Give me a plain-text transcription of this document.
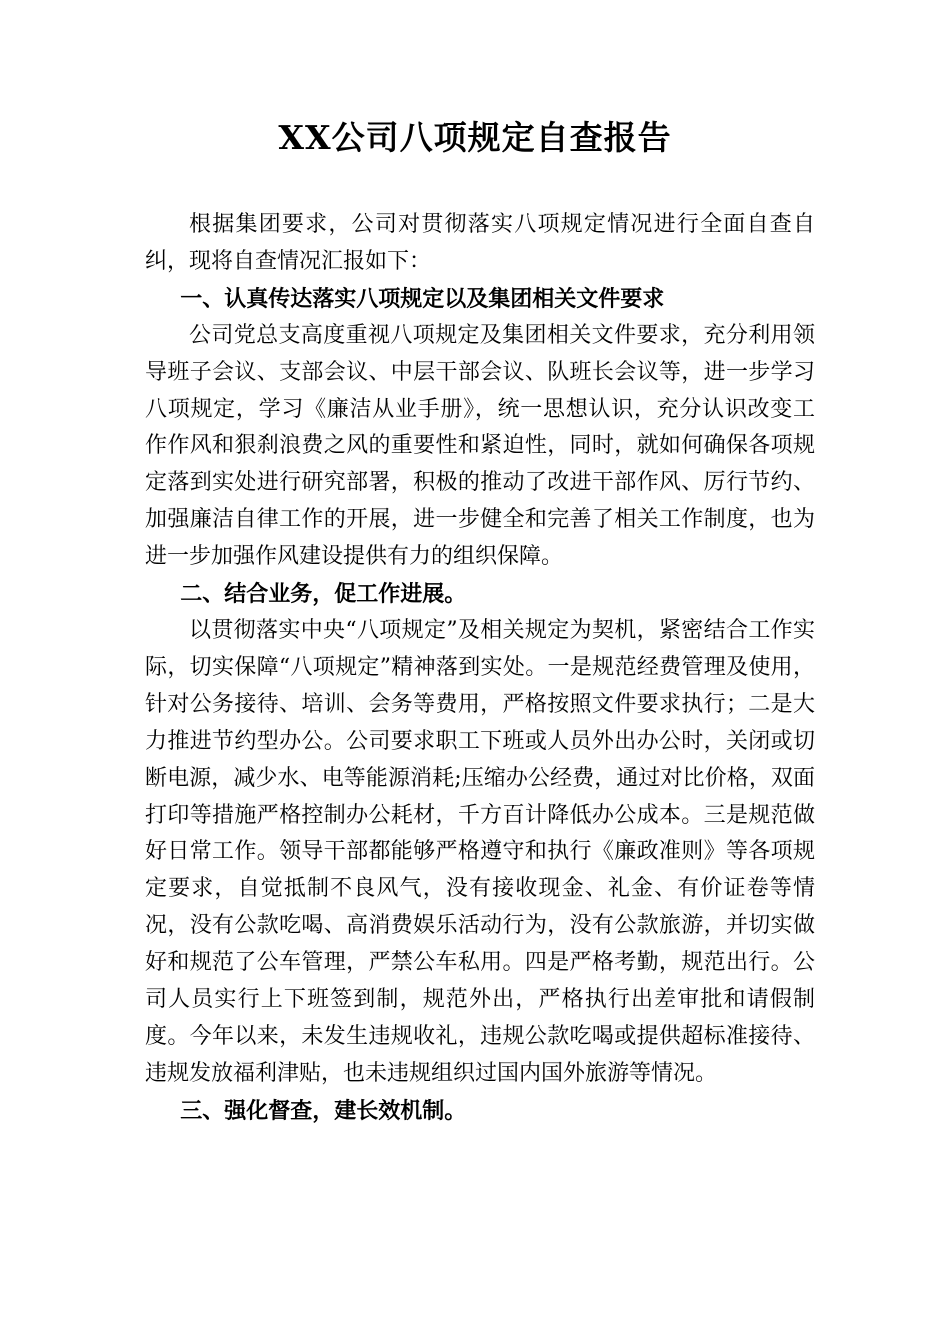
XX公司八项规定自查报告

根据集团要求，公司对贯彻落实八项规定情况进行全面自查自纠，现将自查情况汇报如下：

一、认真传达落实八项规定以及集团相关文件要求

公司党总支高度重视八项规定及集团相关文件要求，充分利用领导班子会议、支部会议、中层干部会议、队班长会议等，进一步学习八项规定，学习《廉洁从业手册》，统一思想认识，充分认识改变工作作风和狠刹浪费之风的重要性和紧迫性，同时，就如何确保各项规定落到实处进行研究部署，积极的推动了改进干部作风、厉行节约、加强廉洁自律工作的开展，进一步健全和完善了相关工作制度，也为进一步加强作风建设提供有力的组织保障。

二、结合业务，促工作进展。

以贯彻落实中央“八项规定”及相关规定为契机，紧密结合工作实际，切实保障“八项规定”精神落到实处。一是规范经费管理及使用，针对公务接待、培训、会务等费用，严格按照文件要求执行；二是大力推进节约型办公。公司要求职工下班或人员外出办公时，关闭或切断电源，减少水、电等能源消耗;压缩办公经费，通过对比价格，双面打印等措施严格控制办公耗材，千方百计降低办公成本。三是规范做好日常工作。领导干部都能够严格遵守和执行《廉政准则》等各项规定要求，自觉抵制不良风气，没有接收现金、礼金、有价证卷等情况，没有公款吃喝、高消费娱乐活动行为，没有公款旅游，并切实做好和规范了公车管理，严禁公车私用。四是严格考勤，规范出行。公司人员实行上下班签到制，规范外出，严格执行出差审批和请假制度。今年以来，未发生违规收礼，违规公款吃喝或提供超标准接待、违规发放福利津贴，也未违规组织过国内国外旅游等情况。

三、强化督查，建长效机制。
